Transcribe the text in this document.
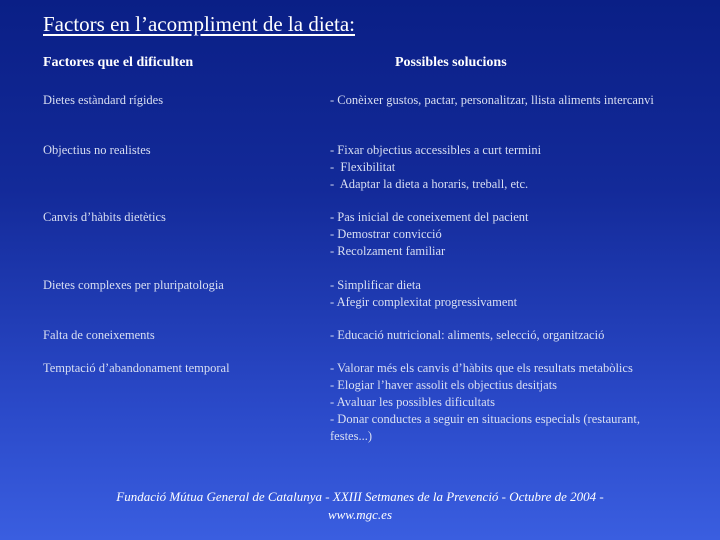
Factors en l’acompliment de la dieta:
Factores que el dificulten	Possibles solucions
Dietes estàndard rígides	- Conèixer gustos, pactar, personalitzar, llista aliments intercanvi
Objectius no realistes	- Fixar objectius accessibles a curt termini
-  Flexibilitat
-  Adaptar la dieta a horaris, treball, etc.
Canvis d’hàbits dietètics	- Pas inicial de coneixement del pacient
- Demostrar convicció
- Recolzament familiar
Dietes complexes per pluripatologia	- Simplificar dieta
- Afegir complexitat progressivament
Falta de coneixements	- Educació nutricional: aliments, selecció, organització
Temptació d’abandonament temporal	- Valorar més els canvis d’hàbits que els resultats metabòlics
- Elogiar l’haver assolit els objectius desitjats
- Avaluar les possibles dificultats
- Donar conductes a seguir en situacions especials (restaurant, festes...)
Fundació Mútua General de Catalunya - XXIII Setmanes de la Prevenció - Octubre de 2004 -
www.mgc.es
